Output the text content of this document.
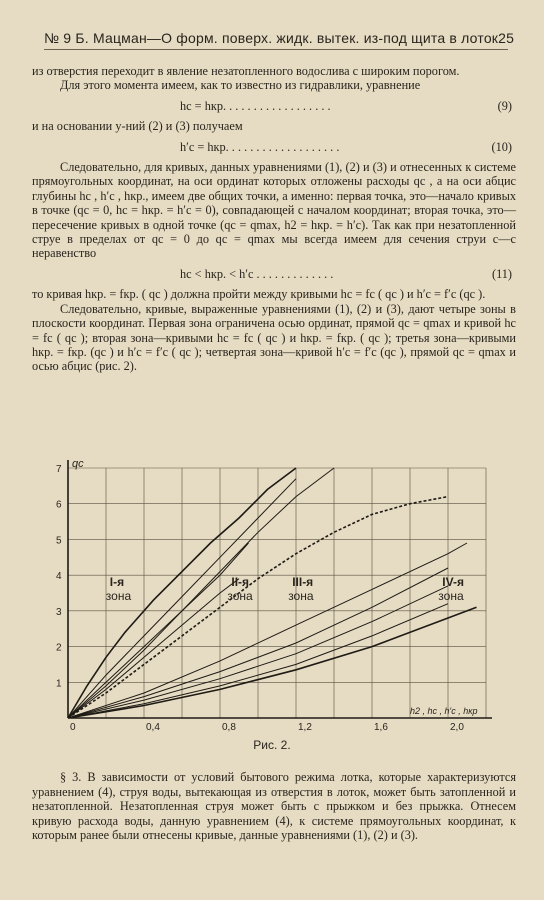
№ 9 Б. Мацман—О форм. поверх. жидк. вытек. из-под щита в лоток 25

из отверстия переходит в явление незатопленного водослива с широким порогом.

Для этого момента имеем, как то известно из гидравлики, уравнение

hc = hкр. . . . . . . . . . . . . . . . . .	(9)

и на основании у-ний (2) и (3) получаем

h′c = hкр. . . . . . . . . . . . . . . . . . .	(10)

Следовательно, для кривых, данных уравнениями (1), (2) и (3) и отнесенных к системе прямоугольных координат, на оси ординат которых отложены расходы qc , а на оси абцис глубины hc , h′c , hкр., имеем две общих точки, а именно: первая точка, это—начало кривых в точке (qc = 0, hc = hкр. = h′c = 0), совпадающей с началом координат; вторая точка, это—пересечение кривых в одной точке (qc = qmax, h2 = hкр. = h′c). Так как при незатопленной струе в пределах от qc = 0 до qc = qmax мы всегда имеем для сечения струи c—c неравенство

hc < hкр. < h′c . . . . . . . . . . . . .	(11)

то кривая hкр. = fкр. ( qc ) должна пройти между кривыми hc = fc ( qc ) и h′c = f′c (qc ).

Следовательно, кривые, выраженные уравнениями (1), (2) и (3), дают четыре зоны в плоскости координат. Первая зона ограничена осью ординат, прямой qc = qmax и кривой hc = fc ( qc ); вторая зона—кривыми hc = fc ( qc ) и hкр. = fкр. ( qc ); третья зона—кривыми hкр. = fкр. (qc ) и h′c = f′c ( qc ); четвертая зона—кривой h′c = f′c (qc ), прямой qc = qmax и осью абцис (рис. 2).

0	0,4	0,8	1,2	1,6	2,0
1
2
3
4
5
6
7 qc
h2 , hc , h′c , hкр
I-я
зона
II-я
зона
III-я
зона
IV-я
зона
Рис. 2.

§ 3. В зависимости от условий бытового режима лотка, которые характеризуются уравнением (4), струя воды, вытекающая из отверстия в лоток, может быть затопленной и незатопленной. Незатопленная струя может быть с прыжком и без прыжка. Отнесем кривую расхода воды, данную уравнением (4), к системе прямоугольных координат, к которым ранее были отнесены кривые, данные уравнениями (1), (2) и (3).
